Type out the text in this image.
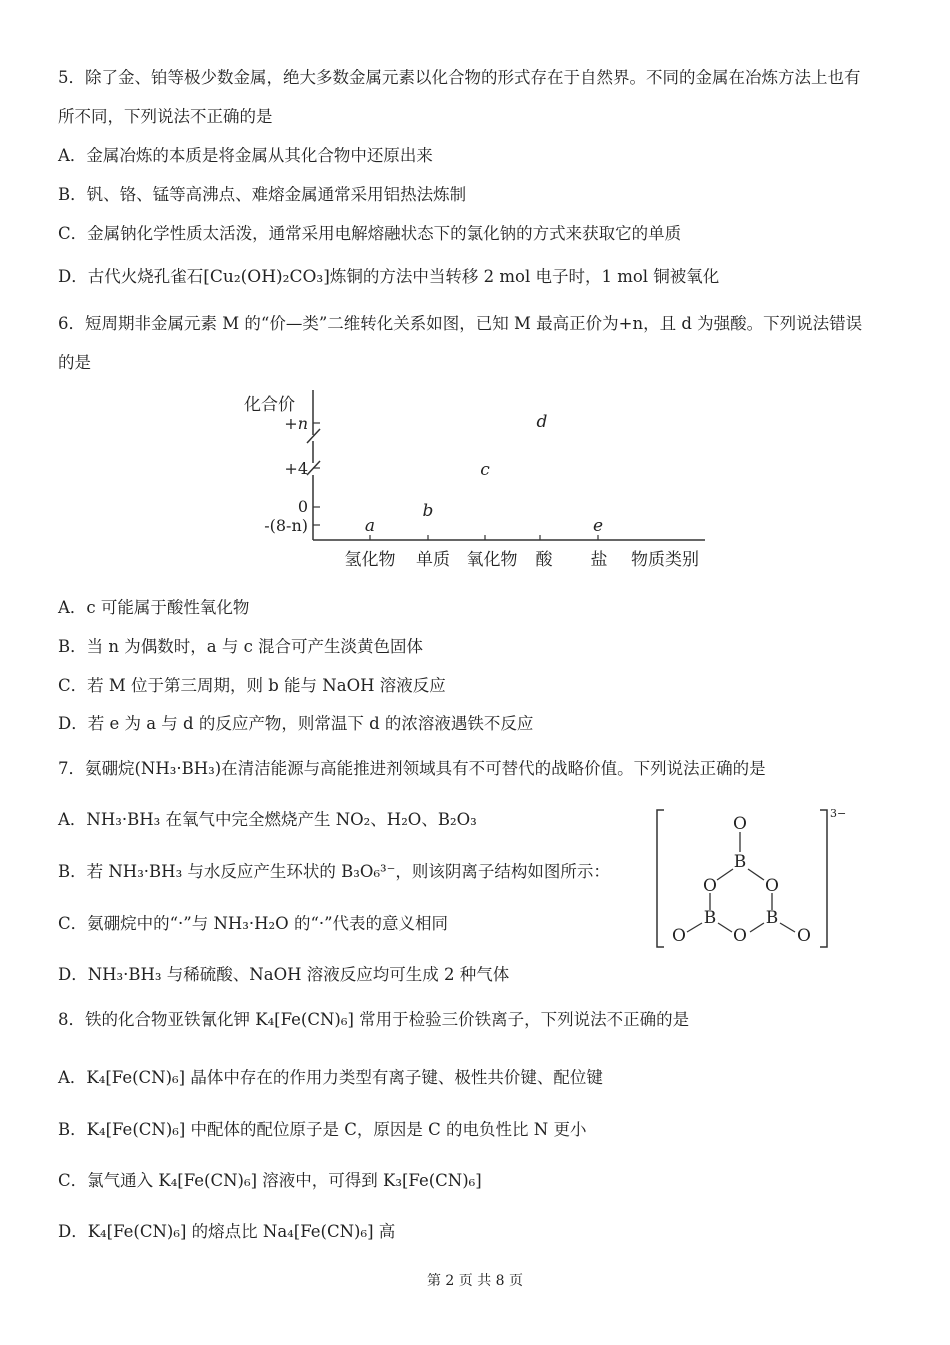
5．除了金、铂等极少数金属，绝大多数金属元素以化合物的形式存在于自然界。不同的金属在冶炼方法上也有
所不同，下列说法不正确的是
A．金属冶炼的本质是将金属从其化合物中还原出来
B．钒、铬、锰等高沸点、难熔金属通常采用铝热法炼制
C．金属钠化学性质太活泼，通常采用电解熔融状态下的氯化钠的方式来获取它的单质
D．古代火烧孔雀石[Cu₂(OH)₂CO₃]炼铜的方法中当转移 2 mol 电子时，1 mol 铜被氧化
6．短周期非金属元素 M 的“价—类”二维转化关系如图，已知 M 最高正价为+n，且 d 为强酸。下列说法错误
的是
化合价
+n
+4
0
-(8-n)
氢化物 单质 氧化物 酸 盐 物质类别
a
b
c
d
e
A．c 可能属于酸性氧化物
B．当 n 为偶数时，a 与 c 混合可产生淡黄色固体
C．若 M 位于第三周期，则 b 能与 NaOH 溶液反应
D．若 e 为 a 与 d 的反应产物，则常温下 d 的浓溶液遇铁不反应
7．氨硼烷(NH₃·BH₃)在清洁能源与高能推进剂领域具有不可替代的战略价值。下列说法正确的是
A．NH₃·BH₃ 在氧气中完全燃烧产生 NO₂、H₂O、B₂O₃
B．若 NH₃·BH₃ 与水反应产生环状的 B₃O₆³⁻，则该阴离子结构如图所示：
C．氨硼烷中的“·”与 NH₃·H₂O 的“·”代表的意义相同
D．NH₃·BH₃ 与稀硫酸、NaOH 溶液反应均可生成 2 种气体
3−
O
B
O	O
B	B
O
O	O
8．铁的化合物亚铁氰化钾 K₄[Fe(CN)₆] 常用于检验三价铁离子，下列说法不正确的是
A．K₄[Fe(CN)₆] 晶体中存在的作用力类型有离子键、极性共价键、配位键
B．K₄[Fe(CN)₆] 中配体的配位原子是 C，原因是 C 的电负性比 N 更小
C．氯气通入 K₄[Fe(CN)₆] 溶液中，可得到 K₃[Fe(CN)₆]
D．K₄[Fe(CN)₆] 的熔点比 Na₄[Fe(CN)₆] 高
第 2 页 共 8 页
